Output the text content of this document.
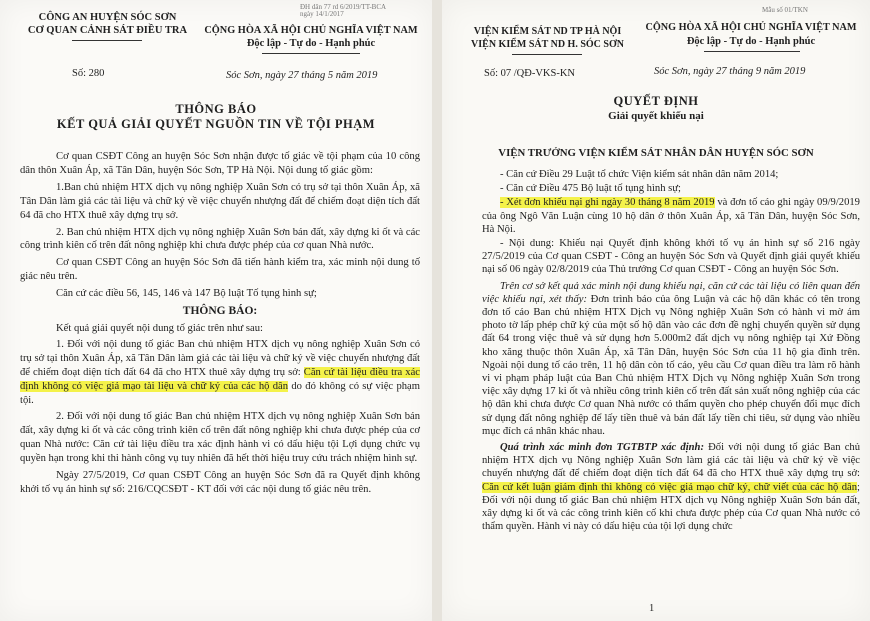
ĐH dân 77 rd 6/2019/TT-BCA
ngày 14/1/2017
CÔNG AN HUYỆN SÓC SƠN
CƠ QUAN CẢNH SÁT ĐIỀU TRA	CỘNG HÒA XÃ HỘI CHỦ NGHĨA VIỆT NAM
Độc lập - Tự do - Hạnh phúc
Số: 280	Sóc Sơn, ngày 27 tháng 5 năm 2019
THÔNG BÁO
KẾT QUẢ GIẢI QUYẾT NGUỒN TIN VỀ TỘI PHẠM

Cơ quan CSĐT Công an huyện Sóc Sơn nhận được tố giác về tội phạm của 10 công dân thôn Xuân Áp, xã Tân Dân, huyện Sóc Sơn, TP Hà Nội. Nội dung tố giác gồm:

1.Ban chủ nhiệm HTX dịch vụ nông nghiệp Xuân Sơn có trụ sở tại thôn Xuân Áp, xã Tân Dân làm giả các tài liệu và chữ ký về việc chuyển nhượng đất để chiếm đoạt diện tích đất 64 đã cho HTX thuê xây dựng trụ sở.

2. Ban chủ nhiệm HTX dịch vụ nông nghiệp Xuân Sơn bán đất, xây dựng ki ốt và các công trình kiên cố trên đất nông nghiệp khi chưa được phép của cơ quan Nhà nước.

Cơ quan CSĐT Công an huyện Sóc Sơn đã tiến hành kiểm tra, xác minh nội dung tố giác nêu trên.

Căn cứ các điều 56, 145, 146 và 147 Bộ luật Tố tụng hình sự;

THÔNG BÁO:

Kết quả giải quyết nội dung tố giác trên như sau:

1. Đối với nội dung tố giác Ban chủ nhiệm HTX dịch vụ nông nghiệp Xuân Sơn có trụ sở tại thôn Xuân Áp, xã Tân Dân làm giả các tài liệu và chữ ký về việc chuyển nhượng đất để chiếm đoạt diện tích đất 64 đã cho HTX thuê xây dựng trụ sở: Căn cứ tài liệu điều tra xác định không có việc giả mạo tài liệu và chữ ký của các hộ dân do đó không có sự việc phạm tội.

2. Đối với nội dung tố giác Ban chủ nhiệm HTX dịch vụ nông nghiệp Xuân Sơn bán đất, xây dựng ki ốt và các công trình kiên cố trên đất nông nghiệp khi chưa được phép của cơ quan Nhà nước: Căn cứ tài liệu điều tra xác định hành vi có dấu hiệu tội Lợi dụng chức vụ quyền hạn trong khi thi hành công vụ tuy nhiên đã hết thời hiệu truy cứu trách nhiệm hình sự.

Ngày 27/5/2019, Cơ quan CSĐT Công an huyện Sóc Sơn đã ra Quyết định không khởi tố vụ án hình sự số: 216/CQCSĐT - KT đối với các nội dung tố giác nêu trên.

Mẫu số 01/TKN
VIỆN KIỂM SÁT ND TP HÀ NỘI
VIỆN KIỂM SÁT ND H. SÓC SƠN
CỘNG HÒA XÃ HỘI CHỦ NGHĨA VIỆT NAM
Độc lập - Tự do - Hạnh phúc
Số: 07 /QĐ-VKS-KN	Sóc Sơn, ngày 27 tháng 9 năm 2019
QUYẾT ĐỊNH
Giải quyết khiếu nại
VIỆN TRƯỞNG VIỆN KIỂM SÁT NHÂN DÂN HUYỆN SÓC SƠN

- Căn cứ Điều 29 Luật tổ chức Viện kiểm sát nhân dân năm 2014;

- Căn cứ Điều 475 Bộ luật tố tụng hình sự;

- Xét đơn khiếu nại ghi ngày 30 tháng 8 năm 2019 và đơn tố cáo ghi ngày 09/9/2019 của ông Ngô Văn Luận cùng 10 hộ dân ở thôn Xuân Áp, xã Tân Dân, huyện Sóc Sơn, Hà Nội.

- Nội dung: Khiếu nại Quyết định không khởi tố vụ án hình sự số 216 ngày 27/5/2019 của Cơ quan CSĐT - Công an huyện Sóc Sơn và Quyết định giải quyết khiếu nại số 06 ngày 02/8/2019 của Thủ trưởng Cơ quan CSĐT - Công an huyện Sóc Sơn.

Trên cơ sở kết quả xác minh nội dung khiếu nại, căn cứ các tài liệu có liên quan đến việc khiếu nại, xét thấy: Đơn trình báo của ông Luận và các hộ dân khác có tên trong đơn tố cáo Ban chủ nhiệm HTX Dịch vụ Nông nghiệp Xuân Sơn có hành vi mờ ám photo tờ lấp phép chữ ký của một số hộ dân vào các đơn đề nghị chuyển quyền sử dụng đất 64 trong việc thuê và sử dụng hơn 5.000m2 đất dịch vụ nông nghiệp tại Xứ Đồng kho xăng thuộc thôn Xuân Áp, xã Tân Dân, huyện Sóc Sơn của 11 hộ gia đình trên. Ngoài nội dung tố cáo trên, 11 hộ dân còn tố cáo, yêu cầu Cơ quan điều tra làm rõ hành vi vi phạm pháp luật của Ban Chủ nhiệm HTX Dịch vụ Nông nghiệp Xuân Sơn trong việc xây dựng 17 ki ốt và nhiều công trình kiên cố trên đất sản xuất nông nghiệp của các hộ dân khi chưa được Cơ quan Nhà nước có thẩm quyền cho phép chuyển đổi mục đích sử dụng đất nông nghiệp để lấy tiền thuê và bán đất lấy tiền chi tiêu, sử dụng vào nhiều mục đích cá nhân khác nhau.

Quá trình xác minh đơn TGTBTP xác định: Đối với nội dung tố giác Ban chủ nhiệm HTX dịch vụ Nông nghiệp Xuân Sơn làm giả các tài liệu và chữ ký về việc chuyển nhượng đất để chiếm đoạt diện tích đất 64 đã cho HTX thuê xây dựng trụ sở: Căn cứ kết luận giám định thì không có việc giả mạo chữ ký, chữ viết của các hộ dân; Đối với nội dung tố giác Ban chủ nhiệm HTX dịch vụ Nông nghiệp Xuân Sơn bán đất, xây dựng ki ốt và các công trình kiên cố khi chưa được phép của Cơ quan Nhà nước có thẩm quyền. Hành vi này có dấu hiệu của tội lợi dụng chức

1
